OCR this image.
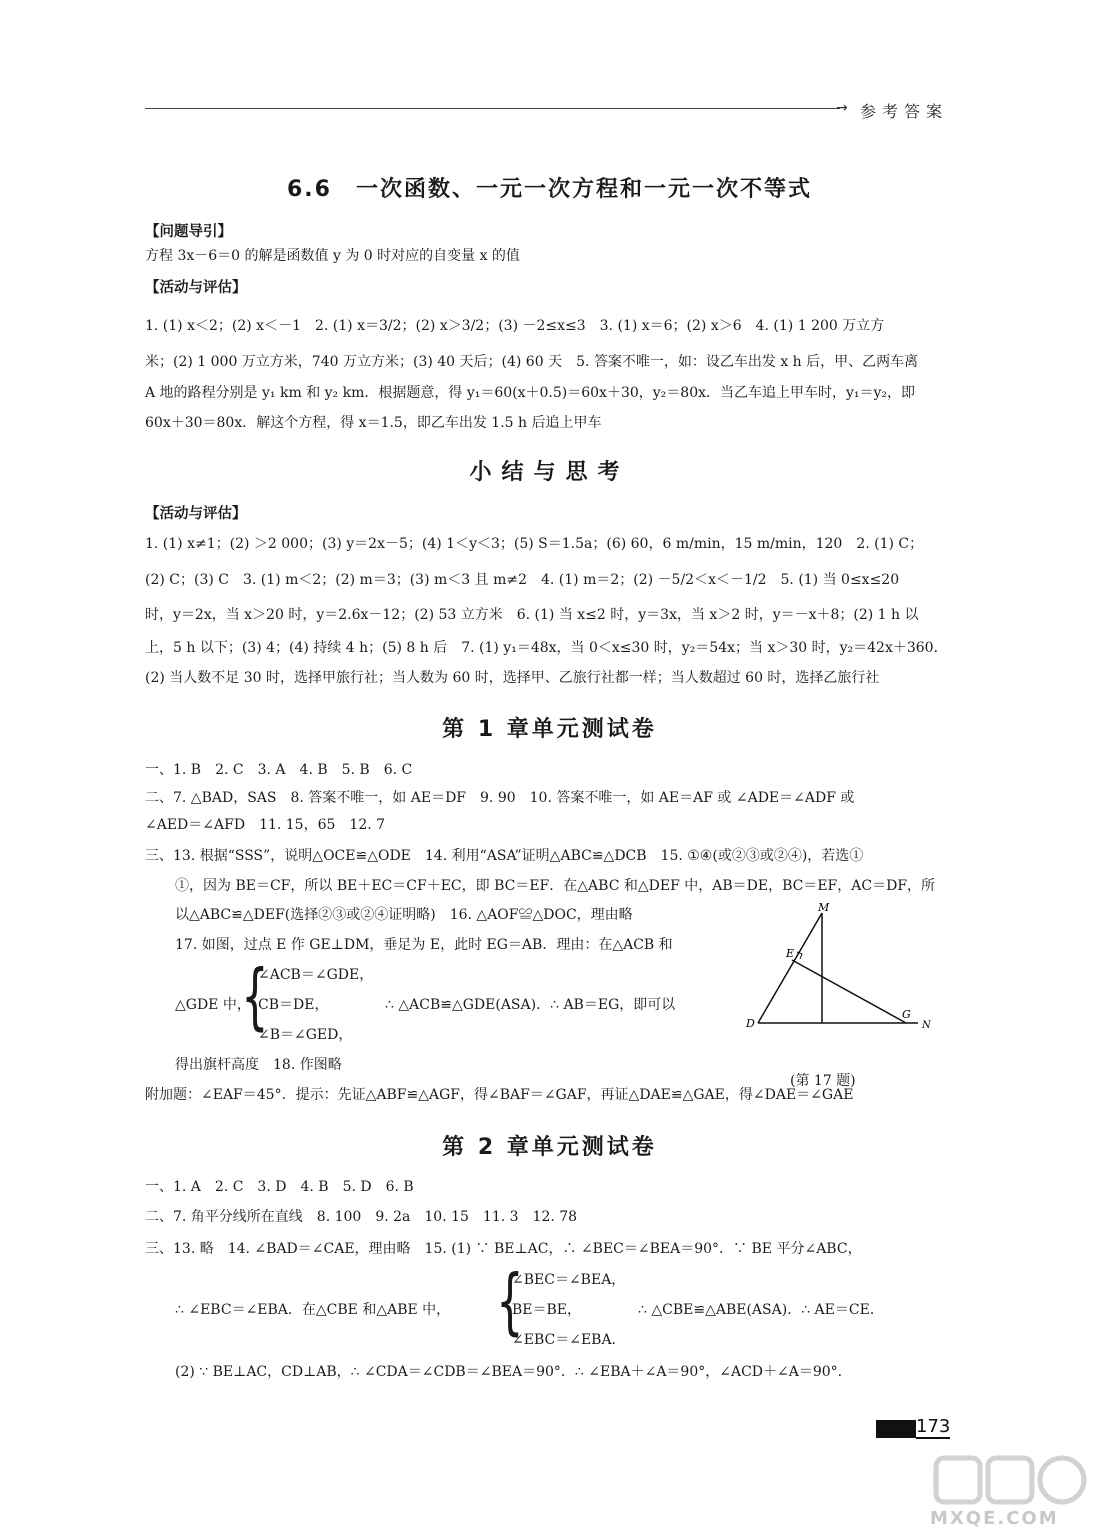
→ 参考答案
6.6　一次函数、一元一次方程和一元一次不等式
【问题导引】
方程 3x－6＝0 的解是函数值 y 为 0 时对应的自变量 x 的值
【活动与评估】
1. (1) x＜2；(2) x＜－1　2. (1) x＝3/2；(2) x＞3/2；(3) －2≤x≤3　3. (1) x＝6；(2) x＞6　4. (1) 1 200 万立方
米；(2) 1 000 万立方米，740 万立方米；(3) 40 天后；(4) 60 天　5. 答案不唯一，如：设乙车出发 x h 后，甲、乙两车离
A 地的路程分别是 y₁ km 和 y₂ km．根据题意，得 y₁＝60(x＋0.5)＝60x＋30，y₂＝80x．当乙车追上甲车时，y₁＝y₂，即
60x＋30＝80x．解这个方程，得 x＝1.5，即乙车出发 1.5 h 后追上甲车
小结与思考
【活动与评估】
1. (1) x≠1；(2) ＞2 000；(3) y＝2x－5；(4) 1＜y＜3；(5) S＝1.5a；(6) 60，6 m/min，15 m/min，120　2. (1) C；
(2) C；(3) C　3. (1) m＜2；(2) m＝3；(3) m＜3 且 m≠2　4. (1) m＝2；(2) －5/2＜x＜－1/2　5. (1) 当 0≤x≤20
时，y＝2x，当 x＞20 时，y＝2.6x－12；(2) 53 立方米　6. (1) 当 x≤2 时，y＝3x，当 x＞2 时，y＝－x＋8；(2) 1 h 以
上，5 h 以下；(3) 4；(4) 持续 4 h；(5) 8 h 后　7. (1) y₁＝48x，当 0＜x≤30 时，y₂＝54x；当 x＞30 时，y₂＝42x＋360．
(2) 当人数不足 30 时，选择甲旅行社；当人数为 60 时，选择甲、乙旅行社都一样；当人数超过 60 时，选择乙旅行社
第 1 章单元测试卷
一、1. B　2. C　3. A　4. B　5. B　6. C
二、7. △BAD，SAS　8. 答案不唯一，如 AE＝DF　9. 90　10. 答案不唯一，如 AE＝AF 或 ∠ADE＝∠ADF 或
∠AED＝∠AFD　11. 15，65　12. 7
三、13. 根据“SSS”，说明△OCE≌△ODE　14. 利用“ASA”证明△ABC≌△DCB　15. ①④(或②③或②④)，若选①
①，因为 BE＝CF，所以 BE＋EC＝CF＋EC，即 BC＝EF．在△ABC 和△DEF 中，AB＝DE，BC＝EF，AC＝DF，所
以△ABC≌△DEF(选择②③或②④证明略)　16. △AOF≌△DOC，理由略
17. 如图，过点 E 作 GE⊥DM，垂足为 E，此时 EG＝AB．理由：在△ACB 和
∠ACB＝∠GDE，
△GDE 中，
{
CB＝DE，	∴ △ACB≌△GDE(ASA)．∴ AB＝EG，即可以
∠B＝∠GED，
得出旗杆高度　18. 作图略
M
E
D
G
N
(第 17 题)
附加题：∠EAF＝45°．提示：先证△ABF≌△AGF，得∠BAF＝∠GAF，再证△DAE≌△GAE，得∠DAE＝∠GAE
第 2 章单元测试卷
一、1. A　2. C　3. D　4. B　5. D　6. B
二、7. 角平分线所在直线　8. 100　9. 2a　10. 15　11. 3　12. 78
三、13. 略　14. ∠BAD＝∠CAE，理由略　15. (1) ∵ BE⊥AC，∴ ∠BEC＝∠BEA＝90°．∵ BE 平分∠ABC，
∠BEC＝∠BEA，
∴ ∠EBC＝∠EBA．在△CBE 和△ABE 中， {
BE＝BE，	∴ △CBE≌△ABE(ASA)．∴ AE＝CE．
∠EBC＝∠EBA．
(2) ∵ BE⊥AC，CD⊥AB，∴ ∠CDA＝∠CDB＝∠BEA＝90°．∴ ∠EBA＋∠A＝90°，∠ACD＋∠A＝90°．
173
MXQE.COM
